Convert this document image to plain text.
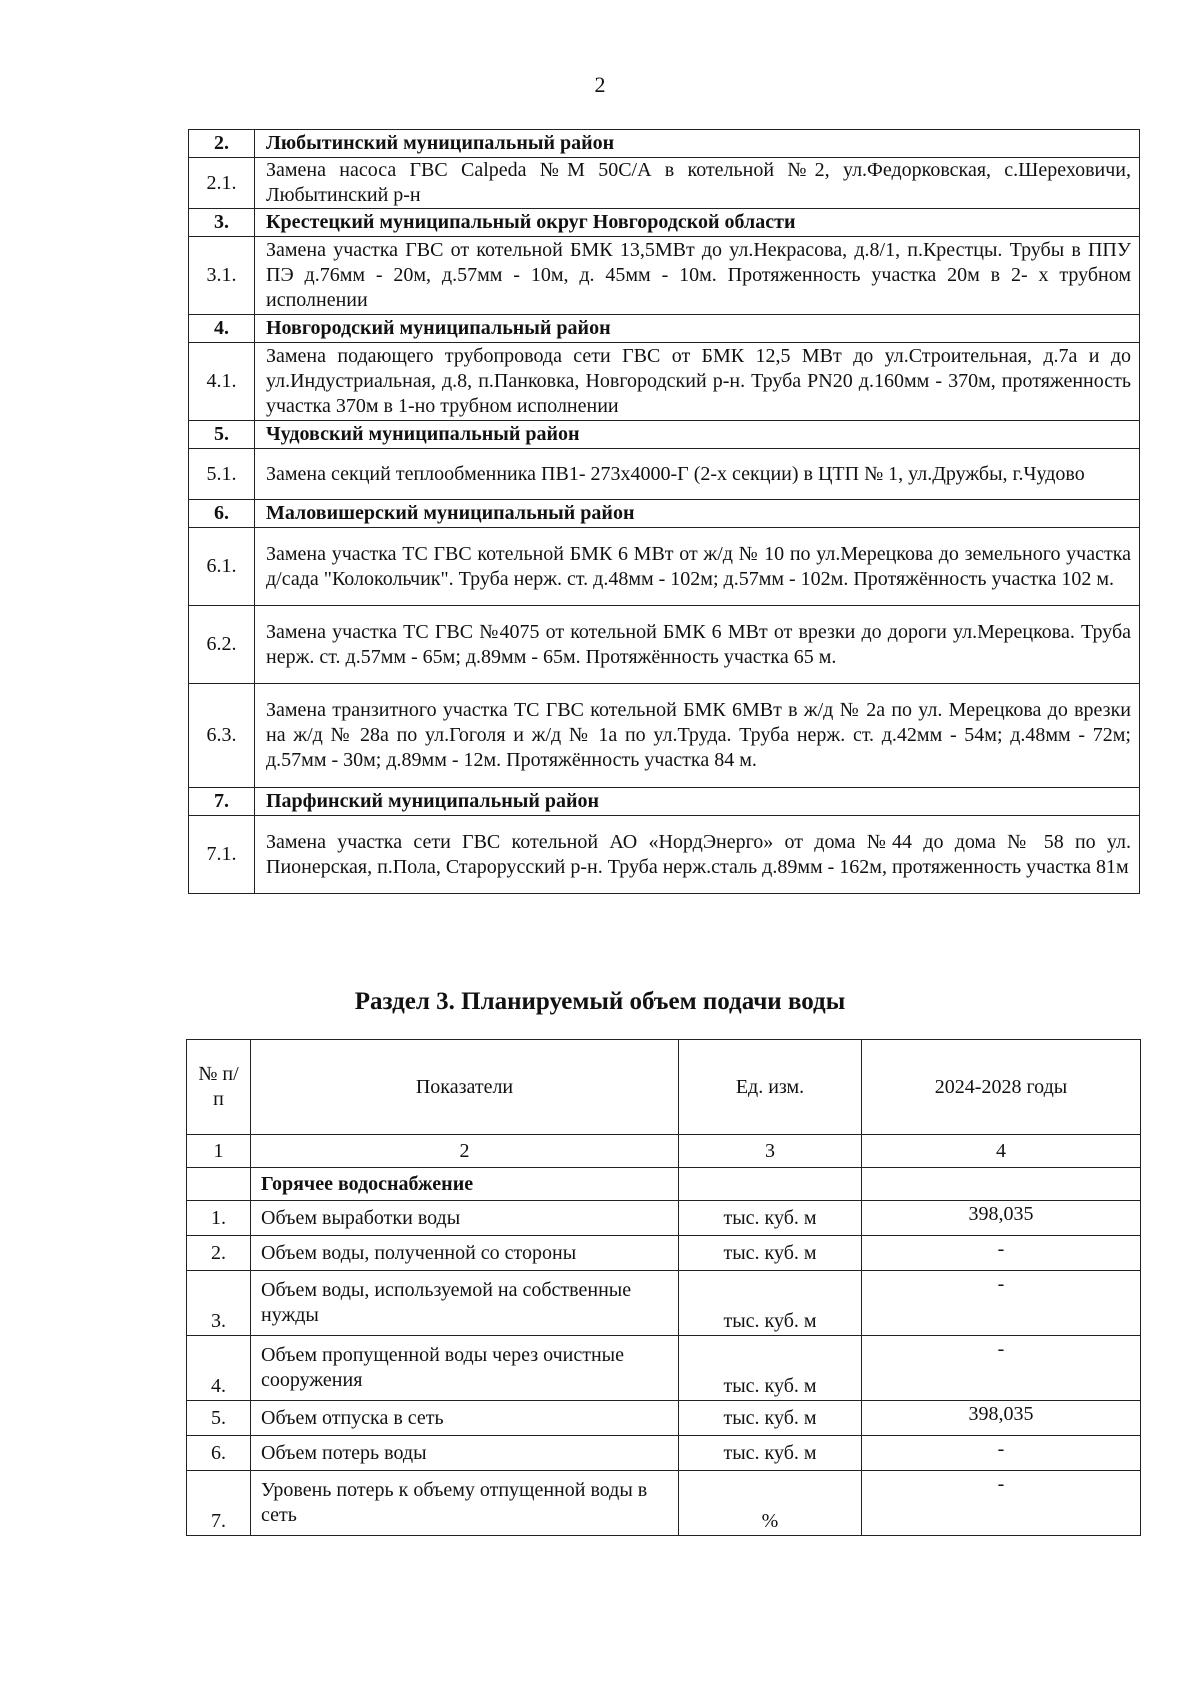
2
2.	Любытинский муниципальный район
2.1.	Замена насоса ГВС Calpeda №М 50С/А в котельной №2, ул.Федорковская, с.Шереховичи, Любытинский р-н
3.	Крестецкий муниципальный округ Новгородской области
3.1.	Замена участка ГВС от котельной БМК 13,5МВт до ул.Некрасова, д.8/1, п.Крестцы. Трубы в ППУ ПЭ д.76мм - 20м, д.57мм - 10м, д. 45мм - 10м. Протяженность участка 20м в 2- х трубном исполнении
4.	Новгородский муниципальный район
4.1.	Замена подающего трубопровода сети ГВС от БМК 12,5 МВт до ул.Строительная, д.7а и до ул.Индустриальная, д.8, п.Панковка, Новгородский р-н. Труба РN20 д.160мм - 370м, протяженность участка 370м в 1-но трубном исполнении
5.	Чудовский муниципальный район
5.1.	Замена секций теплообменника ПВ1- 273х4000-Г (2-х секции) в ЦТП № 1, ул.Дружбы, г.Чудово
6.	Маловишерский муниципальный район
6.1.	Замена участка ТС ГВС котельной БМК 6 МВт от ж/д № 10 по ул.Мерецкова до земельного участка д/сада "Колокольчик". Труба нерж. ст. д.48мм - 102м; д.57мм - 102м. Протяжённость участка 102 м.
6.2.	Замена участка ТС ГВС №4075 от котельной БМК 6 МВт от врезки до дороги ул.Мерецкова. Труба нерж. ст. д.57мм - 65м; д.89мм - 65м. Протяжённость участка 65 м.
6.3.	Замена транзитного участка ТС ГВС котельной БМК 6МВт в ж/д № 2а по ул. Мерецкова до врезки на ж/д № 28а по ул.Гоголя и ж/д № 1а по ул.Труда. Труба нерж. ст. д.42мм - 54м; д.48мм - 72м; д.57мм - 30м; д.89мм - 12м. Протяжённость участка 84 м.
7.	Парфинский муниципальный район
7.1.	Замена участка сети ГВС котельной АО «НордЭнерго» от дома №44 до дома № 58 по ул. Пионерская, п.Пола, Старорусский р-н. Труба нерж.сталь д.89мм - 162м, протяженность участка 81м
Раздел 3. Планируемый объем подачи воды
№ п/п	Показатели	Ед. изм.	2024-2028 годы
1	2	3	4
	Горячее водоснабжение		
1.	Объем выработки воды	тыс. куб. м	398,035
2.	Объем воды, полученной со стороны	тыс. куб. м	-
3.	Объем воды, используемой на собственные нужды	тыс. куб. м	-
4.	Объем пропущенной воды через очистные сооружения	тыс. куб. м	-
5.	Объем отпуска в сеть	тыс. куб. м	398,035
6.	Объем потерь воды	тыс. куб. м	-
7.	Уровень потерь к объему отпущенной воды в сеть	%	-
